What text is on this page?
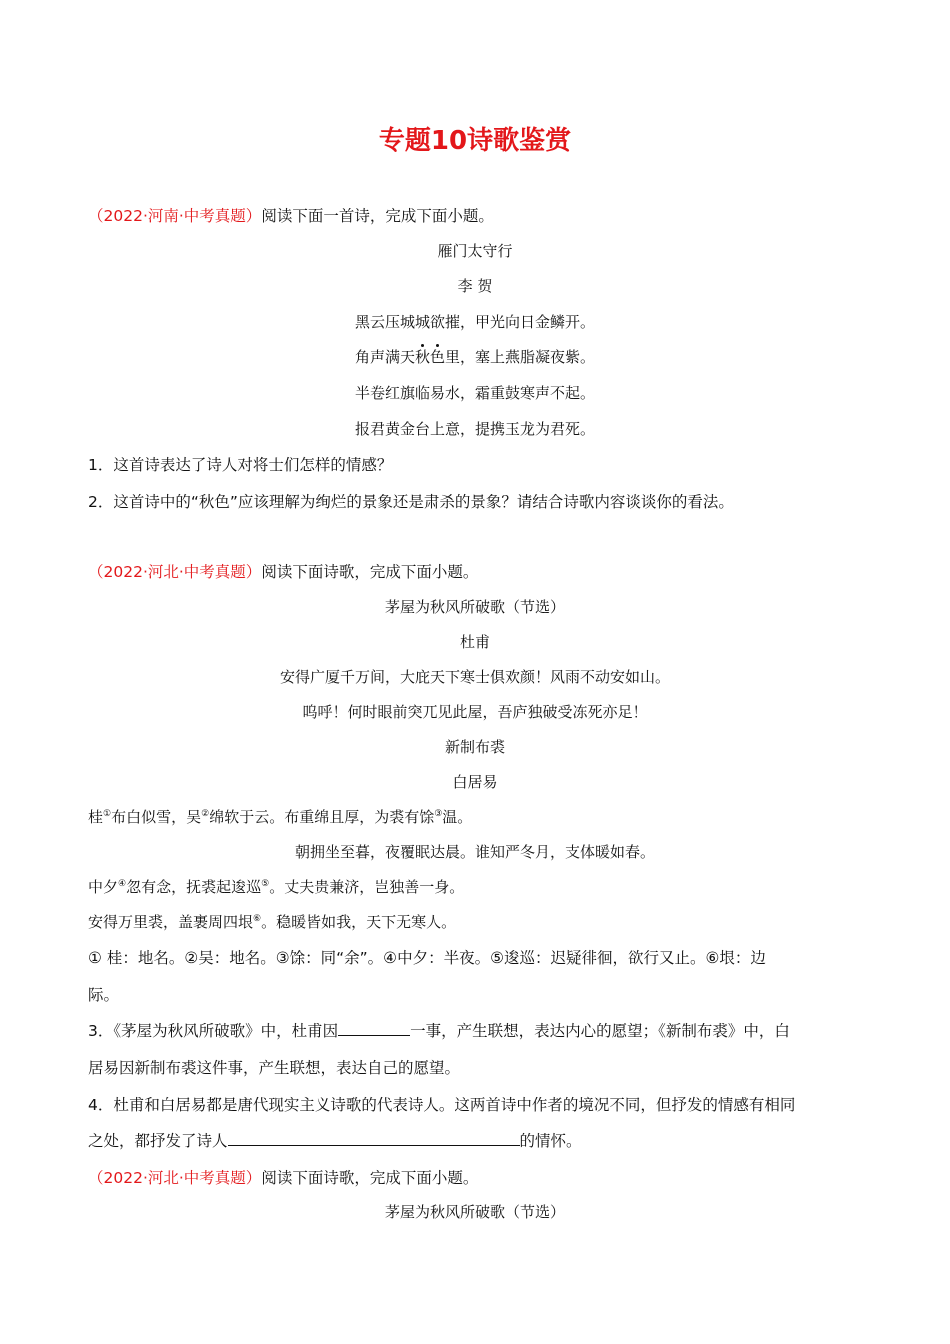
专题10诗歌鉴赏
（2022·河南·中考真题）阅读下面一首诗，完成下面小题。
雁门太守行
李 贺
黑云压城城欲摧，甲光向日金鳞开。
角声满天秋色里，塞上燕脂凝夜紫。
半卷红旗临易水，霜重鼓寒声不起。
报君黄金台上意，提携玉龙为君死。
1．这首诗表达了诗人对将士们怎样的情感？
2．这首诗中的“秋色”应该理解为绚烂的景象还是肃杀的景象？请结合诗歌内容谈谈你的看法。
（2022·河北·中考真题）阅读下面诗歌，完成下面小题。
茅屋为秋风所破歌（节选）
杜甫
安得广厦千万间，大庇天下寒士俱欢颜！风雨不动安如山。
呜呼！何时眼前突兀见此屋，吾庐独破受冻死亦足！
新制布裘
白居易
桂①布白似雪，吴②绵软于云。布重绵且厚，为裘有馀③温。
朝拥坐至暮，夜覆眠达晨。谁知严冬月，支体暖如春。
中夕④忽有念，抚裘起逡巡⑤。丈夫贵兼济，岂独善一身。
安得万里裘，盖裹周四垠⑥。稳暖皆如我，天下无寒人。
① 桂：地名。②吴：地名。③馀：同“余”。④中夕：半夜。⑤逡巡：迟疑徘徊，欲行又止。⑥垠：边
际。
3．《茅屋为秋风所破歌》中，杜甫因	一事，产生联想，表达内心的愿望；《新制布裘》中，白
居易因新制布裘这件事，产生联想，表达自己的愿望。
4．杜甫和白居易都是唐代现实主义诗歌的代表诗人。这两首诗中作者的境况不同，但抒发的情感有相同
之处，都抒发了诗人	的情怀。
（2022·河北·中考真题）阅读下面诗歌，完成下面小题。
茅屋为秋风所破歌（节选）
